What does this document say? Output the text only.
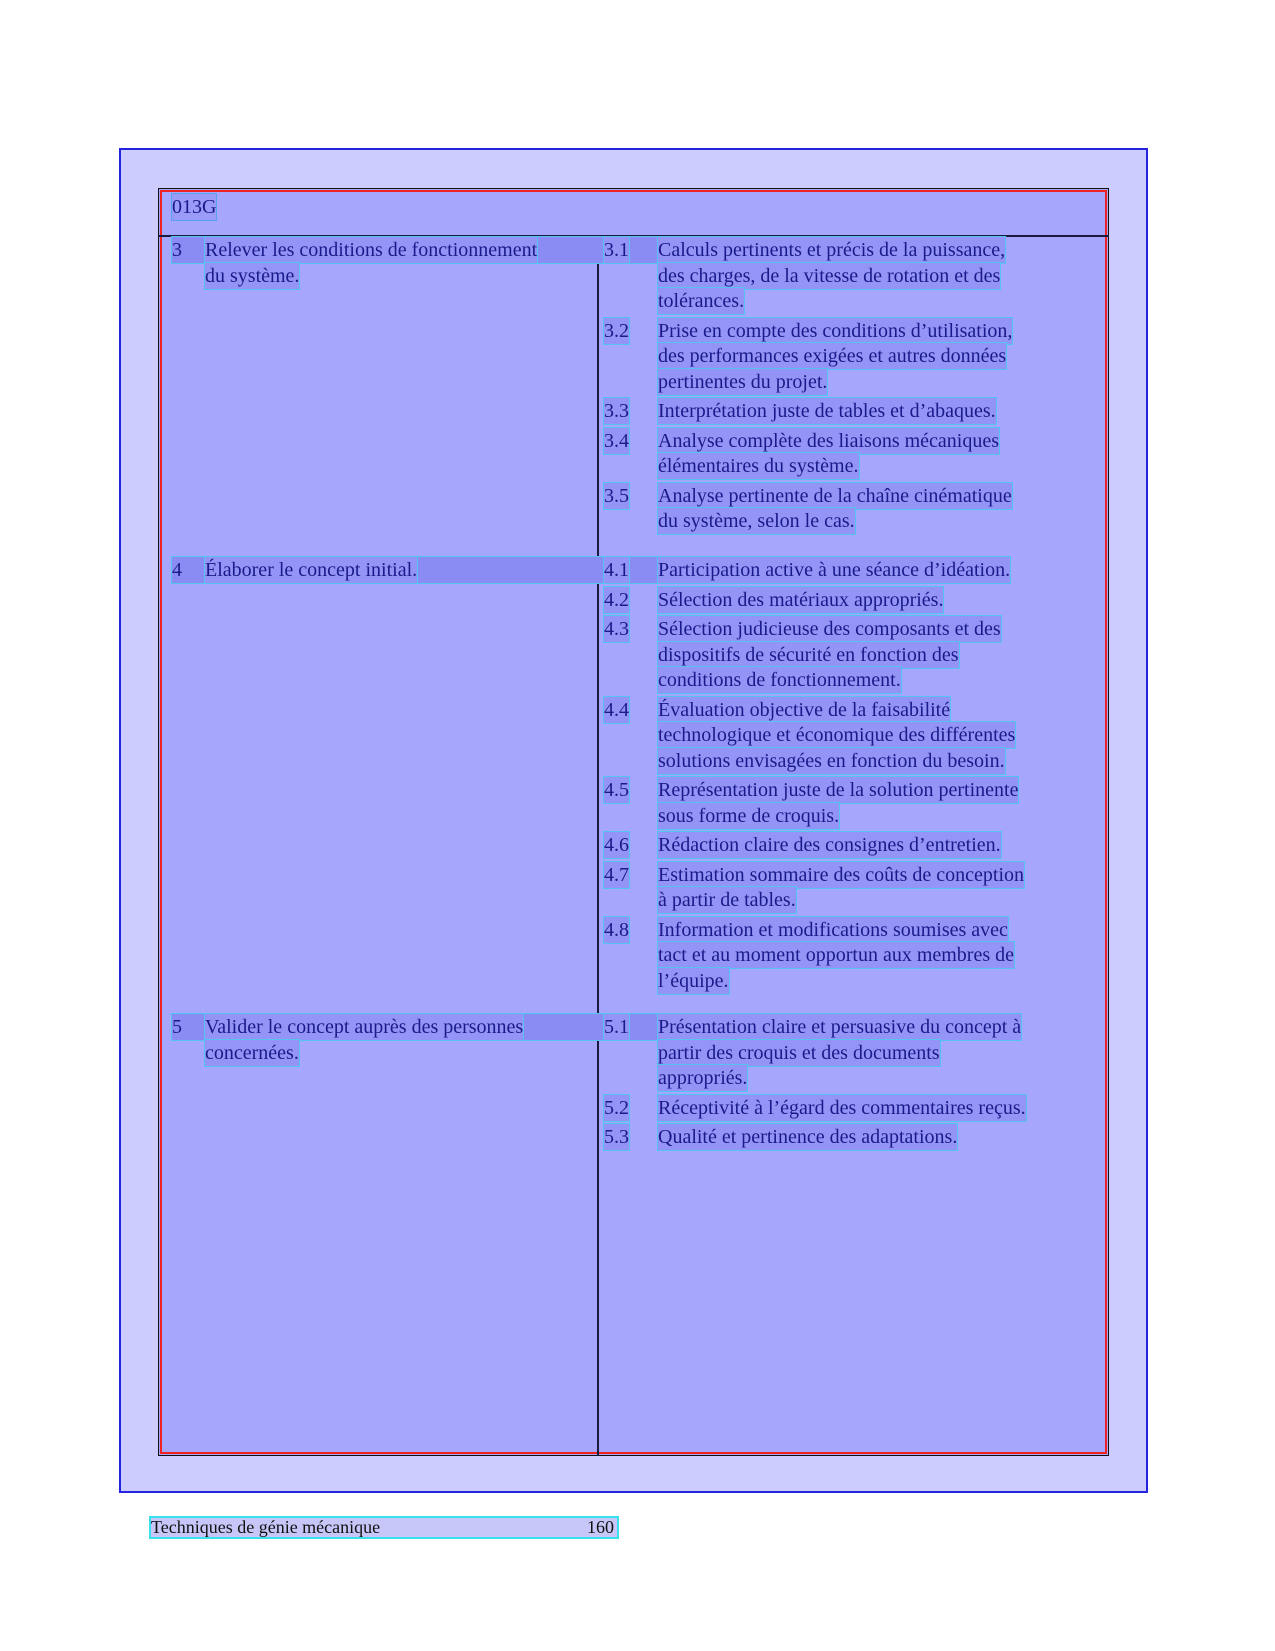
013G
3 Relever les conditions de fonctionnement
du système.
3.1 Calculs pertinents et précis de la puissance,
des charges, de la vitesse de rotation et des
tolérances.
3.2 Prise en compte des conditions d’utilisation,
des performances exigées et autres données
pertinentes du projet.
3.3 Interprétation juste de tables et d’abaques.
3.4 Analyse complète des liaisons mécaniques
élémentaires du système.
3.5 Analyse pertinente de la chaîne cinématique
du système, selon le cas.
4 Élaborer le concept initial.	4.1 Participation active à une séance d’idéation.
4.2 Sélection des matériaux appropriés.
4.3 Sélection judicieuse des composants et des
dispositifs de sécurité en fonction des
conditions de fonctionnement.
4.4 Évaluation objective de la faisabilité
technologique et économique des différentes
solutions envisagées en fonction du besoin.
4.5 Représentation juste de la solution pertinente
sous forme de croquis.
4.6 Rédaction claire des consignes d’entretien.
4.7 Estimation sommaire des coûts de conception
à partir de tables.
4.8 Information et modifications soumises avec
tact et au moment opportun aux membres de
l’équipe.
5 Valider le concept auprès des personnes
concernées.
5.1 Présentation claire et persuasive du concept à
partir des croquis et des documents
appropriés.
5.2 Réceptivité à l’égard des commentaires reçus.
5.3 Qualité et pertinence des adaptations.
Techniques de génie mécanique	160
